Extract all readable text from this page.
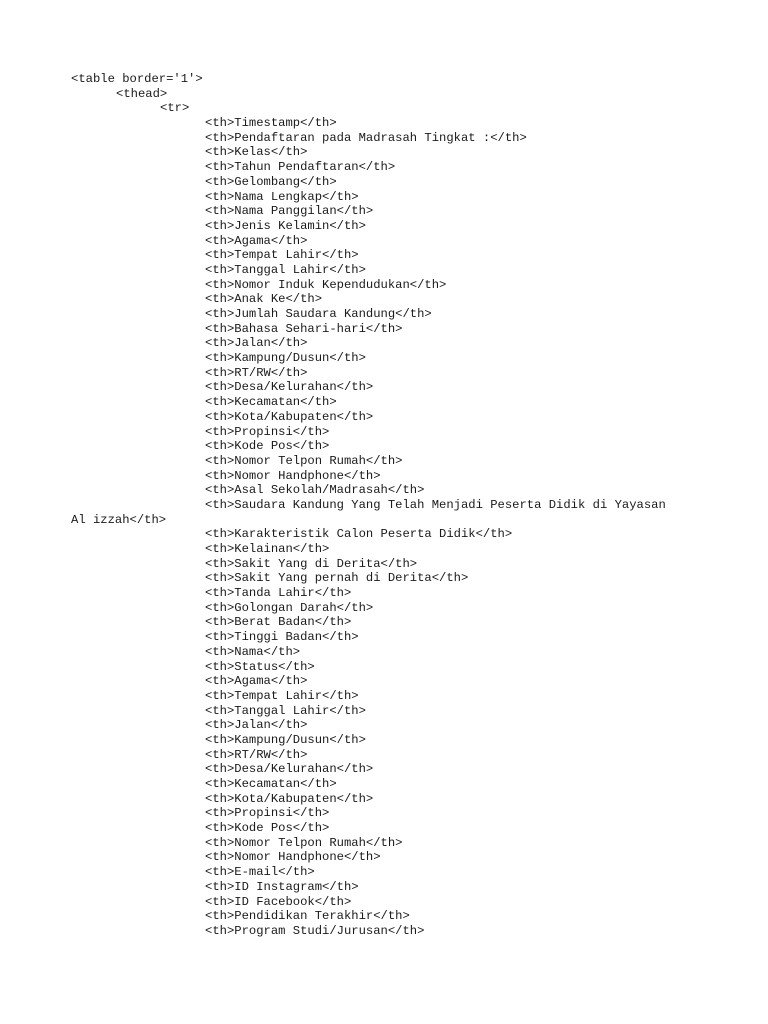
<table border='1'>
<thead>
<tr>
<th>Timestamp</th>
<th>Pendaftaran pada Madrasah Tingkat :</th>
<th>Kelas</th>
<th>Tahun Pendaftaran</th>
<th>Gelombang</th>
<th>Nama Lengkap</th>
<th>Nama Panggilan</th>
<th>Jenis Kelamin</th>
<th>Agama</th>
<th>Tempat Lahir</th>
<th>Tanggal Lahir</th>
<th>Nomor Induk Kependudukan</th>
<th>Anak Ke</th>
<th>Jumlah Saudara Kandung</th>
<th>Bahasa Sehari-hari</th>
<th>Jalan</th>
<th>Kampung/Dusun</th>
<th>RT/RW</th>
<th>Desa/Kelurahan</th>
<th>Kecamatan</th>
<th>Kota/Kabupaten</th>
<th>Propinsi</th>
<th>Kode Pos</th>
<th>Nomor Telpon Rumah</th>
<th>Nomor Handphone</th>
<th>Asal Sekolah/Madrasah</th>
<th>Saudara Kandung Yang Telah Menjadi Peserta Didik di Yayasan
Al izzah</th>
<th>Karakteristik Calon Peserta Didik</th>
<th>Kelainan</th>
<th>Sakit Yang di Derita</th>
<th>Sakit Yang pernah di Derita</th>
<th>Tanda Lahir</th>
<th>Golongan Darah</th>
<th>Berat Badan</th>
<th>Tinggi Badan</th>
<th>Nama</th>
<th>Status</th>
<th>Agama</th>
<th>Tempat Lahir</th>
<th>Tanggal Lahir</th>
<th>Jalan</th>
<th>Kampung/Dusun</th>
<th>RT/RW</th>
<th>Desa/Kelurahan</th>
<th>Kecamatan</th>
<th>Kota/Kabupaten</th>
<th>Propinsi</th>
<th>Kode Pos</th>
<th>Nomor Telpon Rumah</th>
<th>Nomor Handphone</th>
<th>E-mail</th>
<th>ID Instagram</th>
<th>ID Facebook</th>
<th>Pendidikan Terakhir</th>
<th>Program Studi/Jurusan</th>
